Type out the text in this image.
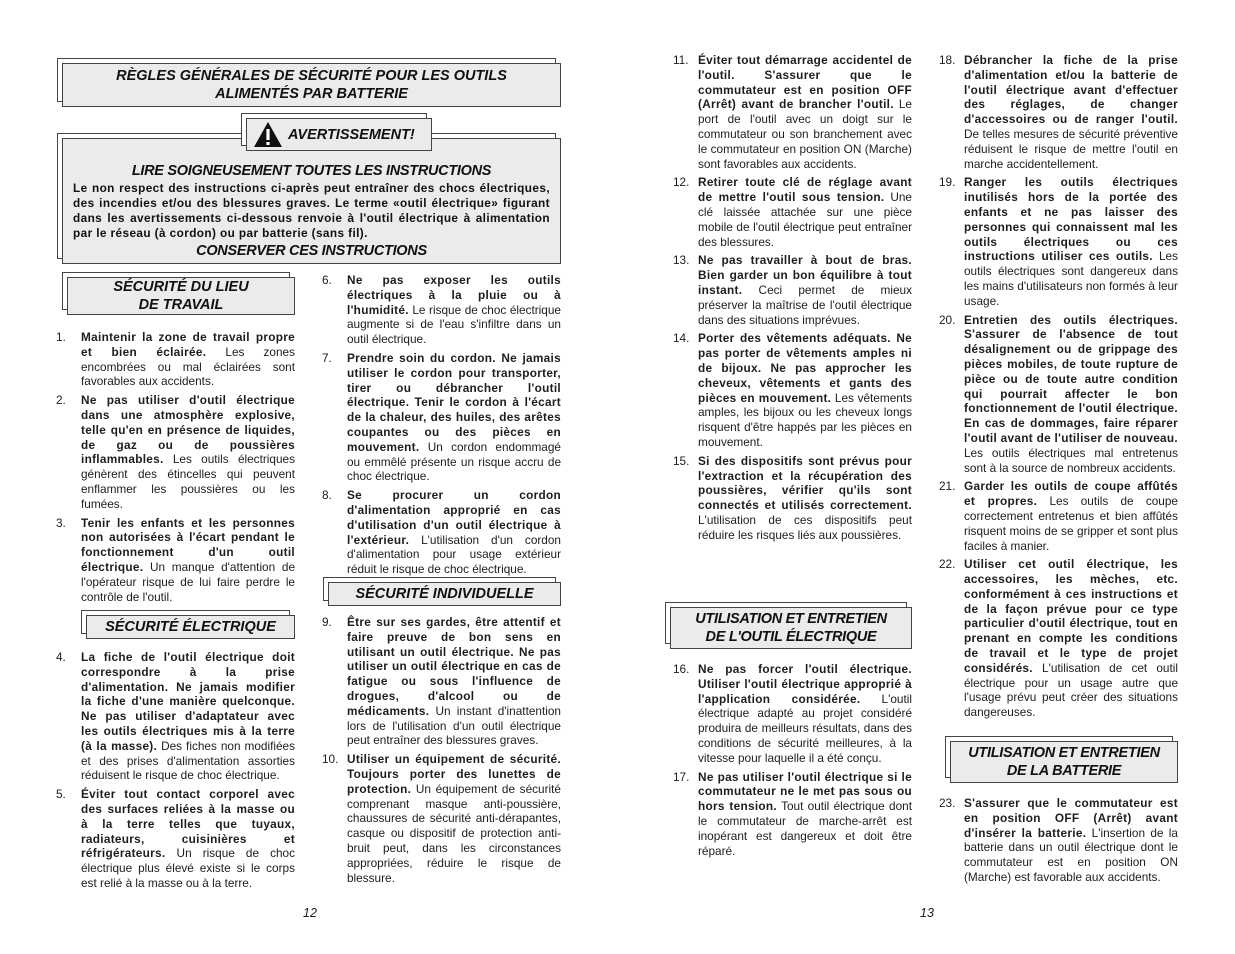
RÈGLES GÉNÉRALES DE SÉCURITÉ POUR LES OUTILS
ALIMENTÉS PAR BATTERIE
LIRE SOIGNEUSEMENT TOUTES LES INSTRUCTIONS
Le non respect des instructions ci-après peut entraîner des chocs électriques, des incendies et/ou des blessures graves. Le terme «outil électrique» figurant dans les avertissements ci-dessous renvoie à l'outil électrique à alimentation par le réseau (à cordon) ou par batterie (sans fil).
CONSERVER CES INSTRUCTIONS
AVERTISSEMENT!
SÉCURITÉ DU LIEU
DE TRAVAIL
1.	Maintenir la zone de travail propre et bien éclairée. Les zones encombrées ou mal éclairées sont favorables aux accidents.
2.	Ne pas utiliser d'outil électrique dans une atmosphère explosive, telle qu'en en présence de liquides, de gaz ou de poussières inflammables. Les outils électriques génèrent des étincelles qui peuvent enflammer les poussières ou les fumées.
3.	Tenir les enfants et les personnes non autorisées à l'écart pendant le fonctionnement d'un outil électrique. Un manque d'attention de l'opérateur risque de lui faire perdre le contrôle de l'outil.
SÉCURITÉ ÉLECTRIQUE
4.	La fiche de l'outil électrique doit correspondre à la prise d'alimentation. Ne jamais modifier la fiche d'une manière quelconque. Ne pas utiliser d'adaptateur avec les outils électriques mis à la terre (à la masse). Des fiches non modifiées et des prises d'alimentation assorties réduisent le risque de choc électrique.
5.	Éviter tout contact corporel avec des surfaces reliées à la masse ou à la terre telles que tuyaux, radiateurs, cuisinières et réfrigérateurs. Un risque de choc électrique plus élevé existe si le corps est relié à la masse ou à la terre.
6.	Ne pas exposer les outils électriques à la pluie ou à l'humidité. Le risque de choc électrique augmente si de l'eau s'infiltre dans un outil électrique.
7.	Prendre soin du cordon. Ne jamais utiliser le cordon pour transporter, tirer ou débrancher l'outil électrique. Tenir le cordon à l'écart de la chaleur, des huiles, des arêtes coupantes ou des pièces en mouvement. Un cordon endommagé ou emmêlé présente un risque accru de choc électrique.
8.	Se procurer un cordon d'alimentation approprié en cas d'utilisation d'un outil électrique à l'extérieur. L'utilisation d'un cordon d'alimentation pour usage extérieur réduit le risque de choc électrique.
SÉCURITÉ INDIVIDUELLE
9.	Être sur ses gardes, être attentif et faire preuve de bon sens en utilisant un outil électrique. Ne pas utiliser un outil électrique en cas de fatigue ou sous l'influence de drogues, d'alcool ou de médicaments. Un instant d'inattention lors de l'utilisation d'un outil électrique peut entraîner des blessures graves.
10. Utiliser un équipement de sécurité. Toujours porter des lunettes de protection. Un équipement de sécurité comprenant masque anti-poussière, chaussures de sécurité anti-dérapantes, casque ou dispositif de protection anti-bruit peut, dans les circonstances appropriées, réduire le risque de blessure.
12
11. Éviter tout démarrage accidentel de l'outil. S'assurer que le commutateur est en position OFF (Arrêt) avant de brancher l'outil. Le port de l'outil avec un doigt sur le commutateur ou son branchement avec le commutateur en position ON (Marche) sont favorables aux accidents.
12. Retirer toute clé de réglage avant de mettre l'outil sous tension. Une clé laissée attachée sur une pièce mobile de l'outil électrique peut entraîner des blessures.
13. Ne pas travailler à bout de bras. Bien garder un bon équilibre à tout instant. Ceci permet de mieux préserver la maîtrise de l'outil électrique dans des situations imprévues.
14. Porter des vêtements adéquats. Ne pas porter de vêtements amples ni de bijoux. Ne pas approcher les cheveux, vêtements et gants des pièces en mouvement. Les vêtements amples, les bijoux ou les cheveux longs risquent d'être happés par les pièces en mouvement.
15. Si des dispositifs sont prévus pour l'extraction et la récupération des poussières, vérifier qu'ils sont connectés et utilisés correctement. L'utilisation de ces dispositifs peut réduire les risques liés aux poussières.
UTILISATION ET ENTRETIEN
DE L'OUTIL ÉLECTRIQUE
16. Ne pas forcer l'outil électrique. Utiliser l'outil électrique approprié à l'application considérée. L'outil électrique adapté au projet considéré produira de meilleurs résultats, dans des conditions de sécurité meilleures, à la vitesse pour laquelle il a été conçu.
17. Ne pas utiliser l'outil électrique si le commutateur ne le met pas sous ou hors tension. Tout outil électrique dont le commutateur de marche-arrêt est inopérant est dangereux et doit être réparé.
13
18. Débrancher la fiche de la prise d'alimentation et/ou la batterie de l'outil électrique avant d'effectuer des réglages, de changer d'accessoires ou de ranger l'outil. De telles mesures de sécurité préventive réduisent le risque de mettre l'outil en marche accidentellement.
19. Ranger les outils électriques inutilisés hors de la portée des enfants et ne pas laisser des personnes qui connaissent mal les outils électriques ou ces instructions utiliser ces outils. Les outils électriques sont dangereux dans les mains d'utilisateurs non formés à leur usage.
20. Entretien des outils électriques. S'assurer de l'absence de tout désalignement ou de grippage des pièces mobiles, de toute rupture de pièce ou de toute autre condition qui pourrait affecter le bon fonctionnement de l'outil électrique. En cas de dommages, faire réparer l'outil avant de l'utiliser de nouveau. Les outils électriques mal entretenus sont à la source de nombreux accidents.
21. Garder les outils de coupe affûtés et propres. Les outils de coupe correctement entretenus et bien affûtés risquent moins de se gripper et sont plus faciles à manier.
22. Utiliser cet outil électrique, les accessoires, les mèches, etc. conformément à ces instructions et de la façon prévue pour ce type particulier d'outil électrique, tout en prenant en compte les conditions de travail et le type de projet considérés. L'utilisation de cet outil électrique pour un usage autre que l'usage prévu peut créer des situations dangereuses.
UTILISATION ET ENTRETIEN
DE LA BATTERIE
23. S'assurer que le commutateur est en position OFF (Arrêt) avant d'insérer la batterie. L'insertion de la batterie dans un outil électrique dont le commutateur est en position ON (Marche) est favorable aux accidents.
